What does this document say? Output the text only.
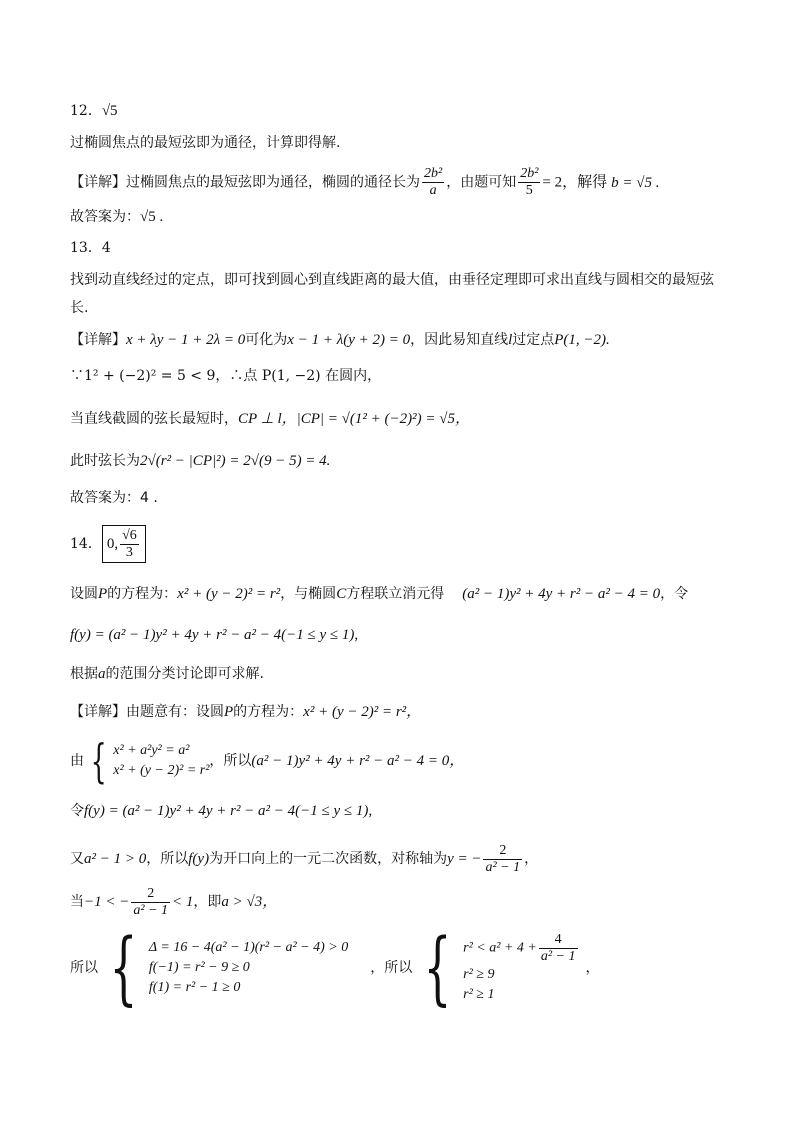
12．√5
过椭圆焦点的最短弦即为通径，计算即得解.
【详解】过椭圆焦点的最短弦即为通径，椭圆的通径长为 $\frac{\text{2b²}}{a}$ ，由题可知 $\frac{\text{2b²}}{5} = 2$，解得 b = √5 .
故答案为：√5 .
13．4
找到动直线经过的定点，即可找到圆心到直线距离的最大值，由垂径定理即可求出直线与圆相交的最短弦
长.
【详解】x + λy − 1 + 2λ = 0可化为x − 1 + λ(y + 2) = 0，因此易知直线l过定点P(1, −2).
∵1² + (−2)² = 5 < 9，∴点 P(1, −2) 在圆内，
当直线截圆的弦长最短时，CP ⊥ l，|CP| = √(1² + (−2)²) = √5，
此时弦长为2√(r² − |CP|²) = 2√(9 − 5) = 4.
故答案为：4 .
14． 0, $\frac{√6}{3}$
设圆P的方程为：x² + (y − 2)² = r²，与椭圆C方程联立消元得 (a² − 1)y² + 4y + r² − a² − 4 = 0，令
f(y) = (a² − 1)y² + 4y + r² − a² − 4(−1 ≤ y ≤ 1),
根据a的范围分类讨论即可求解.
【详解】由题意有：设圆P的方程为：x² + (y − 2)² = r²，
由 { x² + a²y² = a²
x² + (y − 2)² = r²
，所以(a² − 1)y² + 4y + r² − a² − 4 = 0，
令f(y) = (a² − 1)y² + 4y + r² − a² − 4(−1 ≤ y ≤ 1),
又a² − 1 > 0，所以f(y)为开口向上的一元二次函数，对称轴为y = − $\frac{2}{\text{a² − 1}}$ ，
当−1 < − $\frac{2}{\text{a² − 1}} < 1$，即a > √3，
所以 { Δ = 16 − 4(a² − 1)(r² − a² − 4) > 0
f(−1) = r² − 9 ≥ 0
f(1) = r² − 1 ≥ 0
，所以 { $r^2 < a^2 + 4 + \frac{4}{\text{a² − 1}}$
r² ≥ 9
r² ≥ 1
，
